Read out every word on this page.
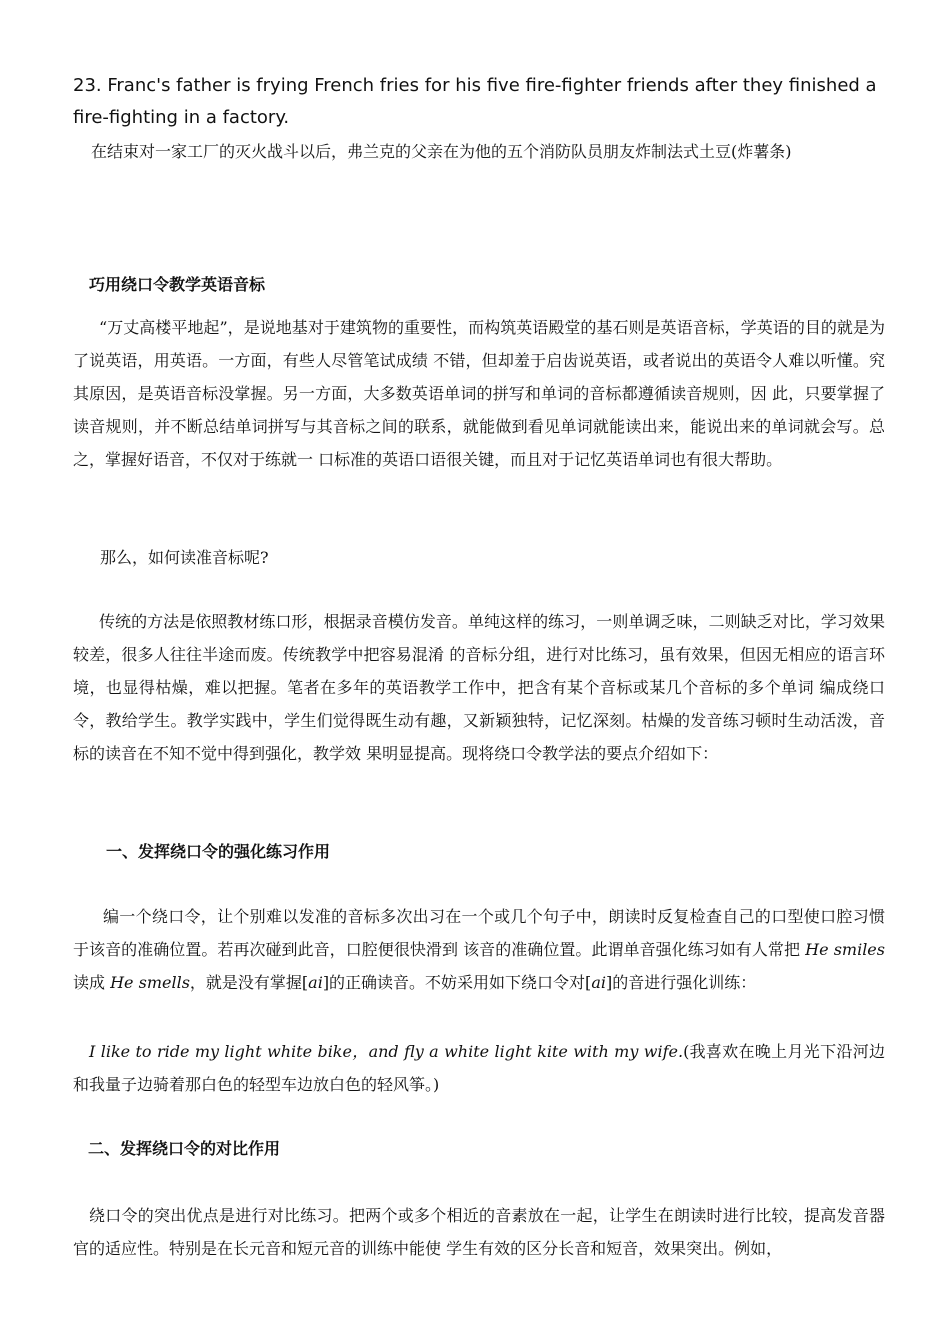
23. Franc's father is frying French fries for his five fire-fighter friends after they finished a fire-fighting in a factory.

在结束对一家工厂的灭火战斗以后，弗兰克的父亲在为他的五个消防队员朋友炸制法式土豆(炸薯条)

巧用绕口令教学英语音标

“万丈高楼平地起”，是说地基对于建筑物的重要性，而构筑英语殿堂的基石则是英语音标，学英语的目的就是为了说英语，用英语。一方面，有些人尽管笔试成绩 不错，但却羞于启齿说英语，或者说出的英语令人难以听懂。究其原因，是英语音标没掌握。另一方面，大多数英语单词的拼写和单词的音标都遵循读音规则，因 此，只要掌握了读音规则，并不断总结单词拼写与其音标之间的联系，就能做到看见单词就能读出来，能说出来的单词就会写。总之，掌握好语音，不仅对于练就一 口标准的英语口语很关键，而且对于记忆英语单词也有很大帮助。

那么，如何读准音标呢?

传统的方法是依照教材练口形，根据录音模仿发音。单纯这样的练习，一则单调乏味，二则缺乏对比，学习效果较差，很多人往往半途而废。传统教学中把容易混淆 的音标分组，进行对比练习，虽有效果，但因无相应的语言环境，也显得枯燥，难以把握。笔者在多年的英语教学工作中，把含有某个音标或某几个音标的多个单词 编成绕口令，教给学生。教学实践中，学生们觉得既生动有趣，又新颖独特，记忆深刻。枯燥的发音练习顿时生动活泼，音标的读音在不知不觉中得到强化，教学效 果明显提高。现将绕口令教学法的要点介绍如下：

一、发挥绕口令的强化练习作用

编一个绕口令，让个别难以发准的音标多次出习在一个或几个句子中，朗读时反复检查自己的口型使口腔习惯于该音的准确位置。若再次碰到此音，口腔便很快滑到 该音的准确位置。此谓单音强化练习如有人常把 He smiles读成 He smells，就是没有掌握[ai]的正确读音。不妨采用如下绕口令对[ai]的音进行强化训练：

I like to ride my light white bike，and fly a white light kite with my wife.(我喜欢在晚上月光下沿河边和我量子边骑着那白色的轻型车边放白色的轻风筝。)

二、发挥绕口令的对比作用

绕口令的突出优点是进行对比练习。把两个或多个相近的音素放在一起，让学生在朗读时进行比较，提高发音器官的适应性。特别是在长元音和短元音的训练中能使 学生有效的区分长音和短音，效果突出。例如，
